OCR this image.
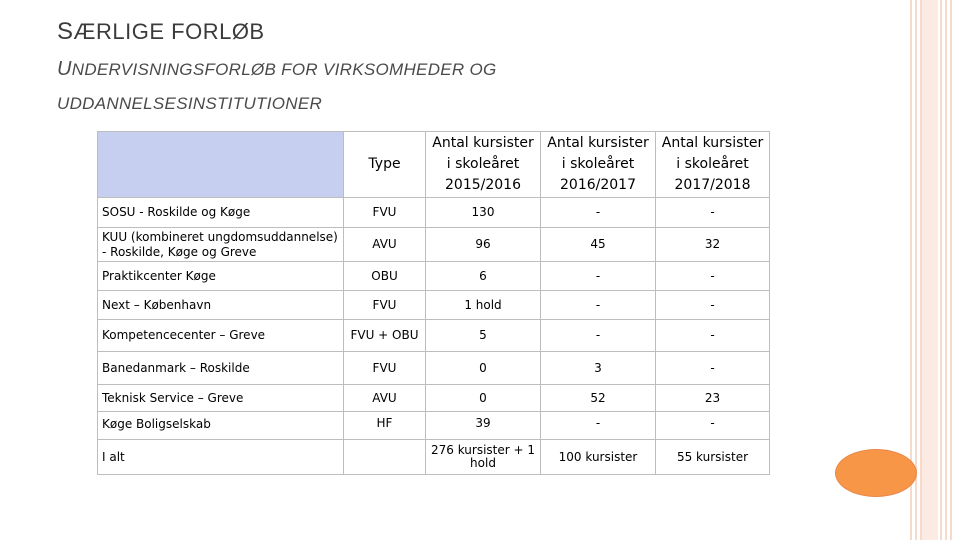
SÆRLIGE FORLØB
UNDERVISNINGSFORLØB FOR VIRKSOMHEDER OG UDDANNELSESINSTITUTIONER
	Type	Antal kursister i skoleåret 2015/2016	Antal kursister i skoleåret 2016/2017	Antal kursister i skoleåret 2017/2018
SOSU - Roskilde og Køge	FVU	130	-	-
KUU (kombineret ungdomsuddannelse) - Roskilde, Køge og Greve	AVU	96	45	32
Praktikcenter Køge	OBU	6	-	-
Next – København	FVU	1 hold	-	-
Kompetencecenter – Greve	FVU + OBU	5	-	-
Banedanmark – Roskilde	FVU	0	3	-
Teknisk Service – Greve	AVU	0	52	23
Køge Boligselskab	HF	39	-	-
I alt		276 kursister + 1 hold	100 kursister	55 kursister
